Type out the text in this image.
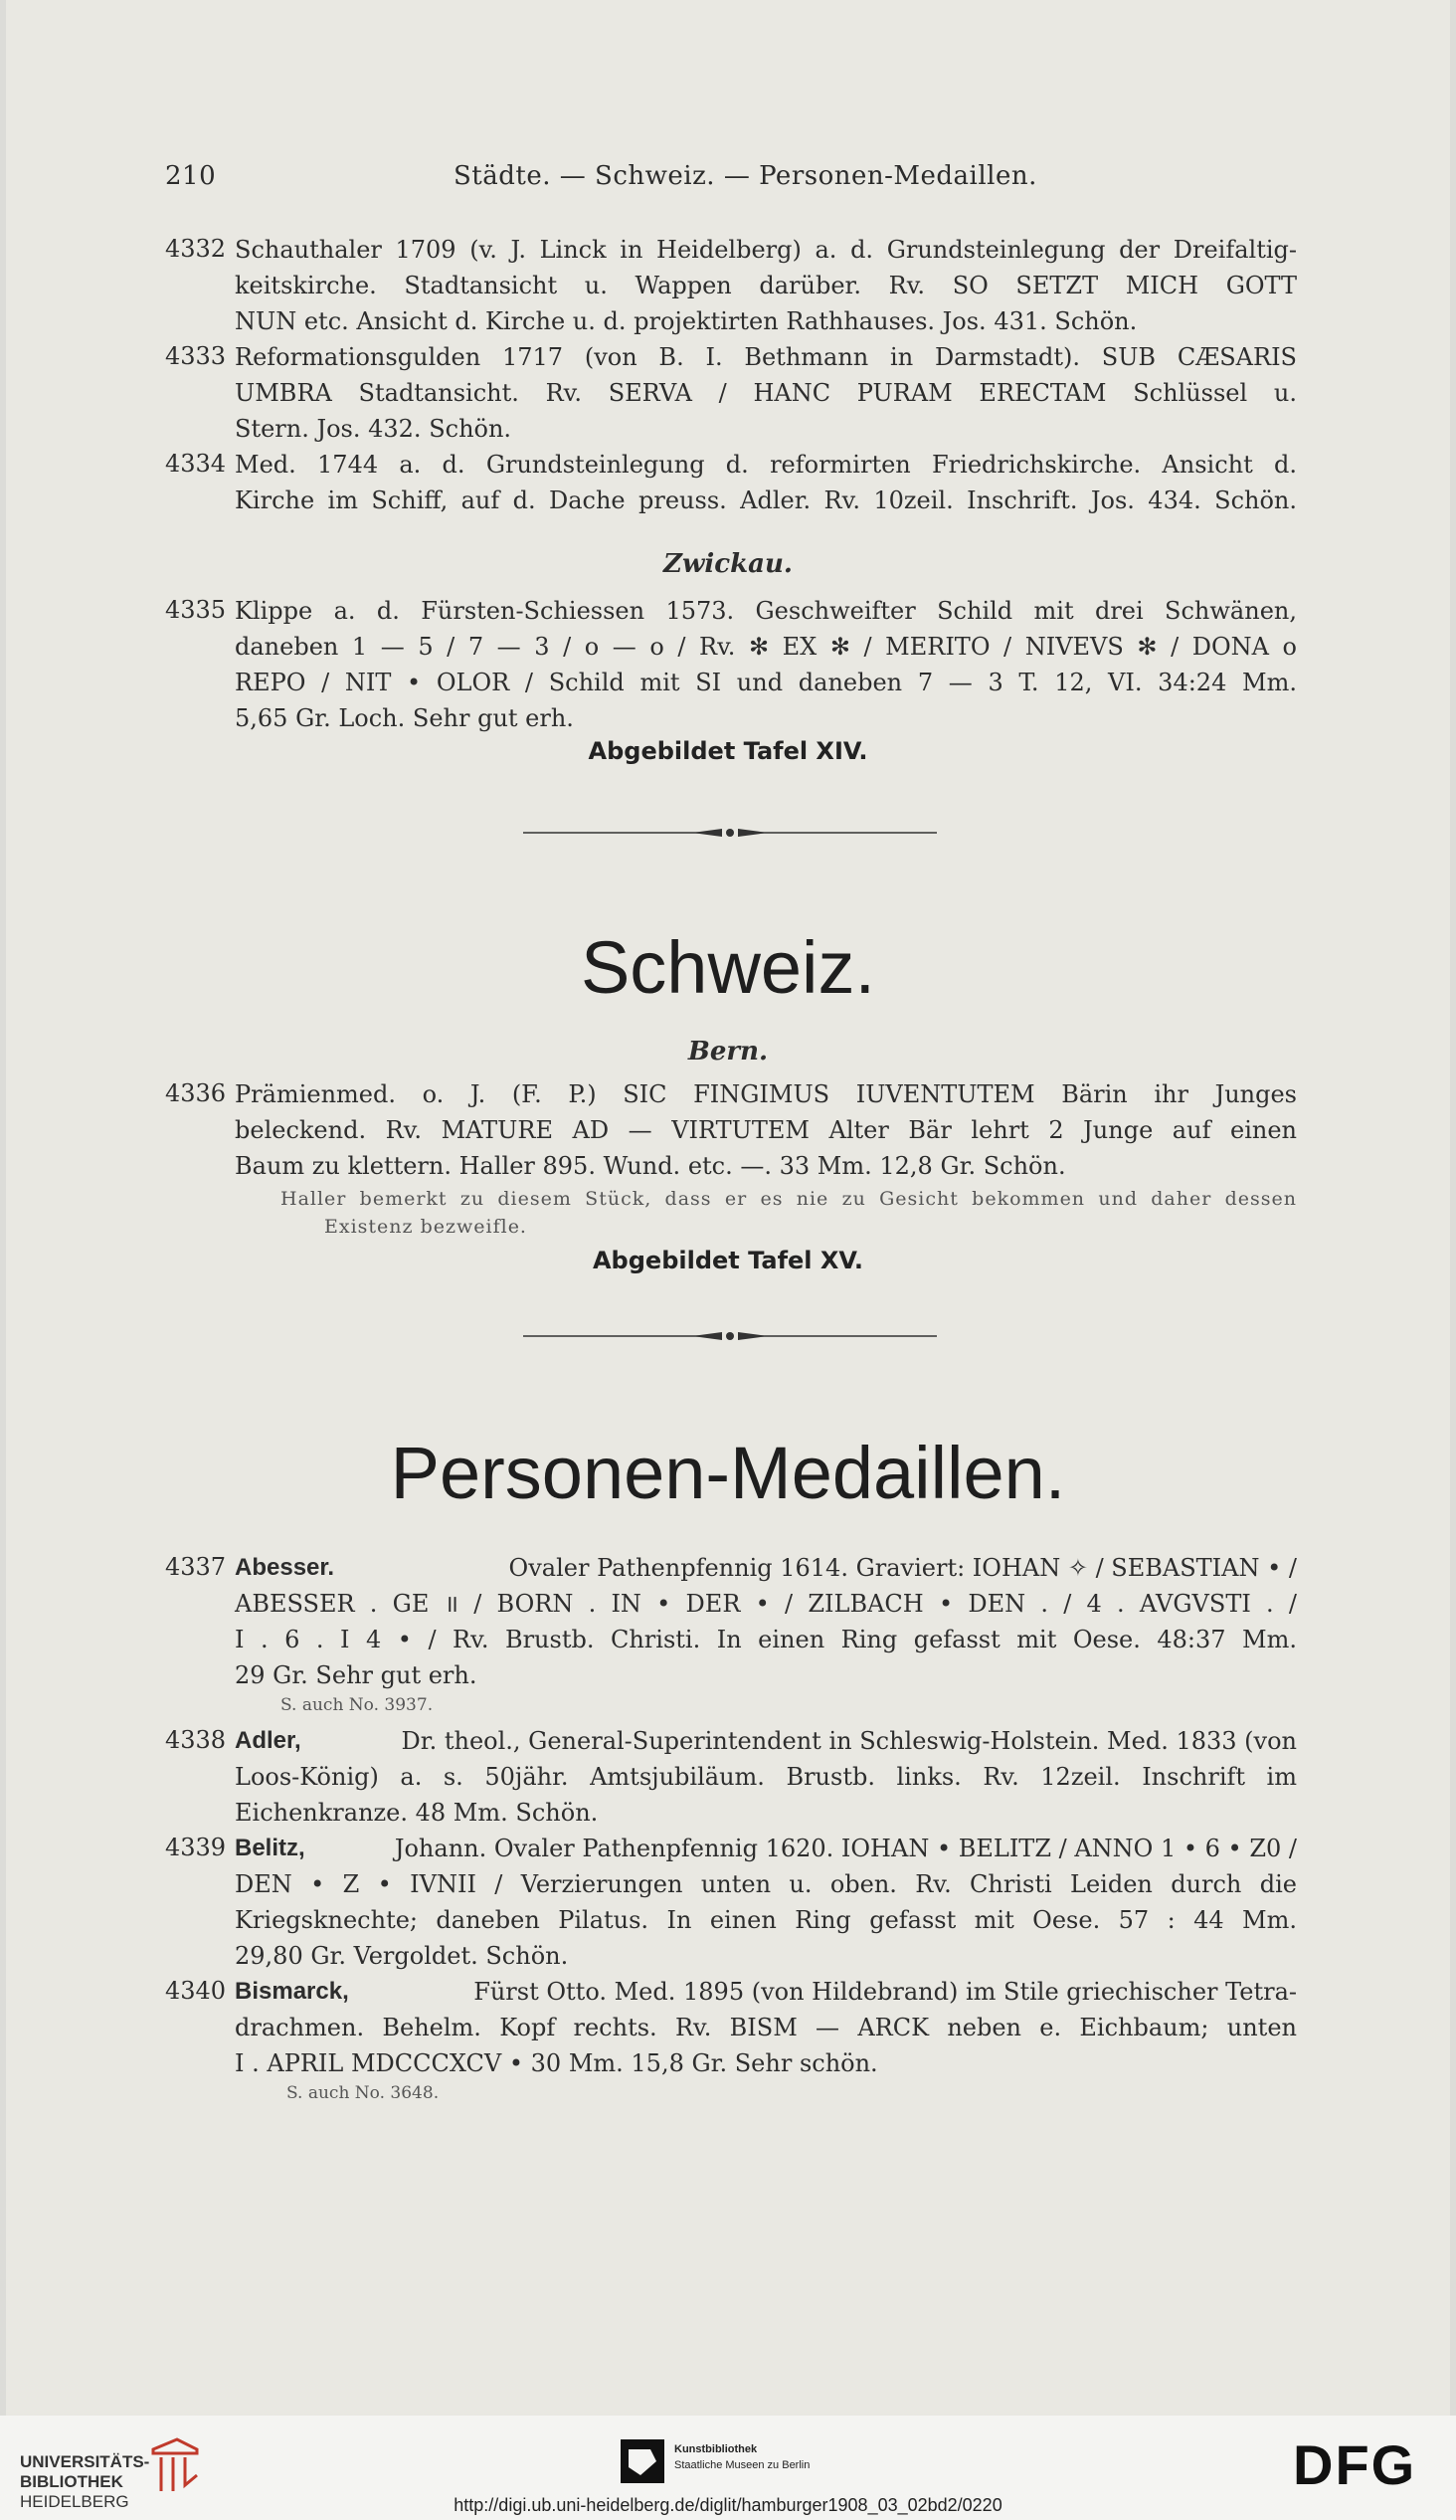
210	Städte. — Schweiz. — Personen-Medaillen.
4332 Schauthaler 1709 (v. J. Linck in Heidelberg) a. d. Grundsteinlegung der Dreifaltig-
keitskirche. Stadtansicht u. Wappen darüber. Rv. SO SETZT MICH GOTT
NUN etc. Ansicht d. Kirche u. d. projektirten Rathhauses. Jos. 431. Schön.
4333 Reformationsgulden 1717 (von B. I. Bethmann in Darmstadt). SUB CÆSARIS
UMBRA Stadtansicht. Rv. SERVA / HANC PURAM ERECTAM Schlüssel u.
Stern. Jos. 432. Schön.
4334 Med. 1744 a. d. Grundsteinlegung d. reformirten Friedrichskirche. Ansicht d.
Kirche im Schiff, auf d. Dache preuss. Adler. Rv. 10zeil. Inschrift. Jos. 434. Schön.
Zwickau.
4335 Klippe a. d. Fürsten-Schiessen 1573. Geschweifter Schild mit drei Schwänen,
daneben 1 — 5 / 7 — 3 / o — o / Rv. ✻ EX ✻ / MERITO / NIVEVS ✻ / DONA o
REPO / NIT • OLOR / Schild mit SI und daneben 7 — 3 T. 12, VI. 34:24 Mm.
5,65 Gr. Loch. Sehr gut erh.
Abgebildet Tafel XIV.
Schweiz.
Bern.
4336 Prämienmed. o. J. (F. P.) SIC FINGIMUS IUVENTUTEM Bärin ihr Junges
beleckend. Rv. MATURE AD — VIRTUTEM Alter Bär lehrt 2 Junge auf einen
Baum zu klettern. Haller 895. Wund. etc. —. 33 Mm. 12,8 Gr. Schön.
Haller bemerkt zu diesem Stück, dass er es nie zu Gesicht bekommen und daher dessen
Existenz bezweifle.
Abgebildet Tafel XV.
Personen-Medaillen.
4337 Abesser.	Ovaler Pathenpfennig 1614. Graviert: IOHAN ✧ / SEBASTIAN • /
ABESSER . GE ॥ / BORN . IN • DER • / ZILBACH • DEN . / 4 . AVGVSTI . /
I . 6 . I 4 • / Rv. Brustb. Christi. In einen Ring gefasst mit Oese. 48:37 Mm.
29 Gr. Sehr gut erh.
S. auch No. 3937.
4338 Adler,	Dr. theol., General-Superintendent in Schleswig-Holstein. Med. 1833 (von
Loos-König) a. s. 50jähr. Amtsjubiläum. Brustb. links. Rv. 12zeil. Inschrift im
Eichenkranze. 48 Mm. Schön.
4339 Belitz,	Johann. Ovaler Pathenpfennig 1620. IOHAN • BELITZ / ANNO 1 • 6 • Z0 /
DEN • Z • IVNII / Verzierungen unten u. oben. Rv. Christi Leiden durch die
Kriegsknechte; daneben Pilatus. In einen Ring gefasst mit Oese. 57 : 44 Mm.
29,80 Gr. Vergoldet. Schön.
4340 Bismarck,	Fürst Otto. Med. 1895 (von Hildebrand) im Stile griechischer Tetra-
drachmen. Behelm. Kopf rechts. Rv. BISM — ARCK neben e. Eichbaum; unten
I . APRIL MDCCCXCV • 30 Mm. 15,8 Gr. Sehr schön.
S. auch No. 3648.
UNIVERSITÄTS-
BIBLIOTHEK
HEIDELBERG
Kunstbibliothek
Staatliche Museen zu Berlin	DFG
http://digi.ub.uni-heidelberg.de/diglit/hamburger1908_03_02bd2/0220
